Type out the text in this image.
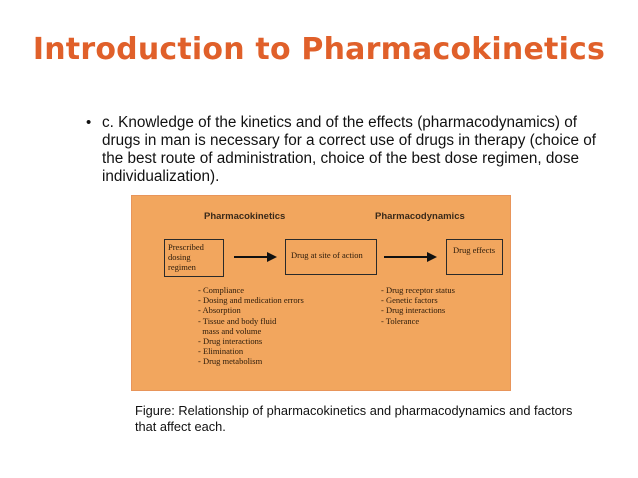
Introduction to Pharmacokinetics
• c. Knowledge of the kinetics and of the effects (pharmacodynamics) of drugs in man is necessary for a correct use of drugs in therapy (choice of the best route of administration, choice of the best dose regimen, dose individualization).
Pharmacokinetics	Pharmacodynamics
Prescribed dosing regimen
Drug at site of action	Drug effects
- Compliance
- Dosing and medication errors
- Absorption
- Tissue and body fluid
mass and volume
- Drug interactions
- Elimination
- Drug metabolism
- Drug receptor status
- Genetic factors
- Drug interactions
- Tolerance
Figure: Relationship of pharmacokinetics and pharmacodynamics and factors that affect each.
